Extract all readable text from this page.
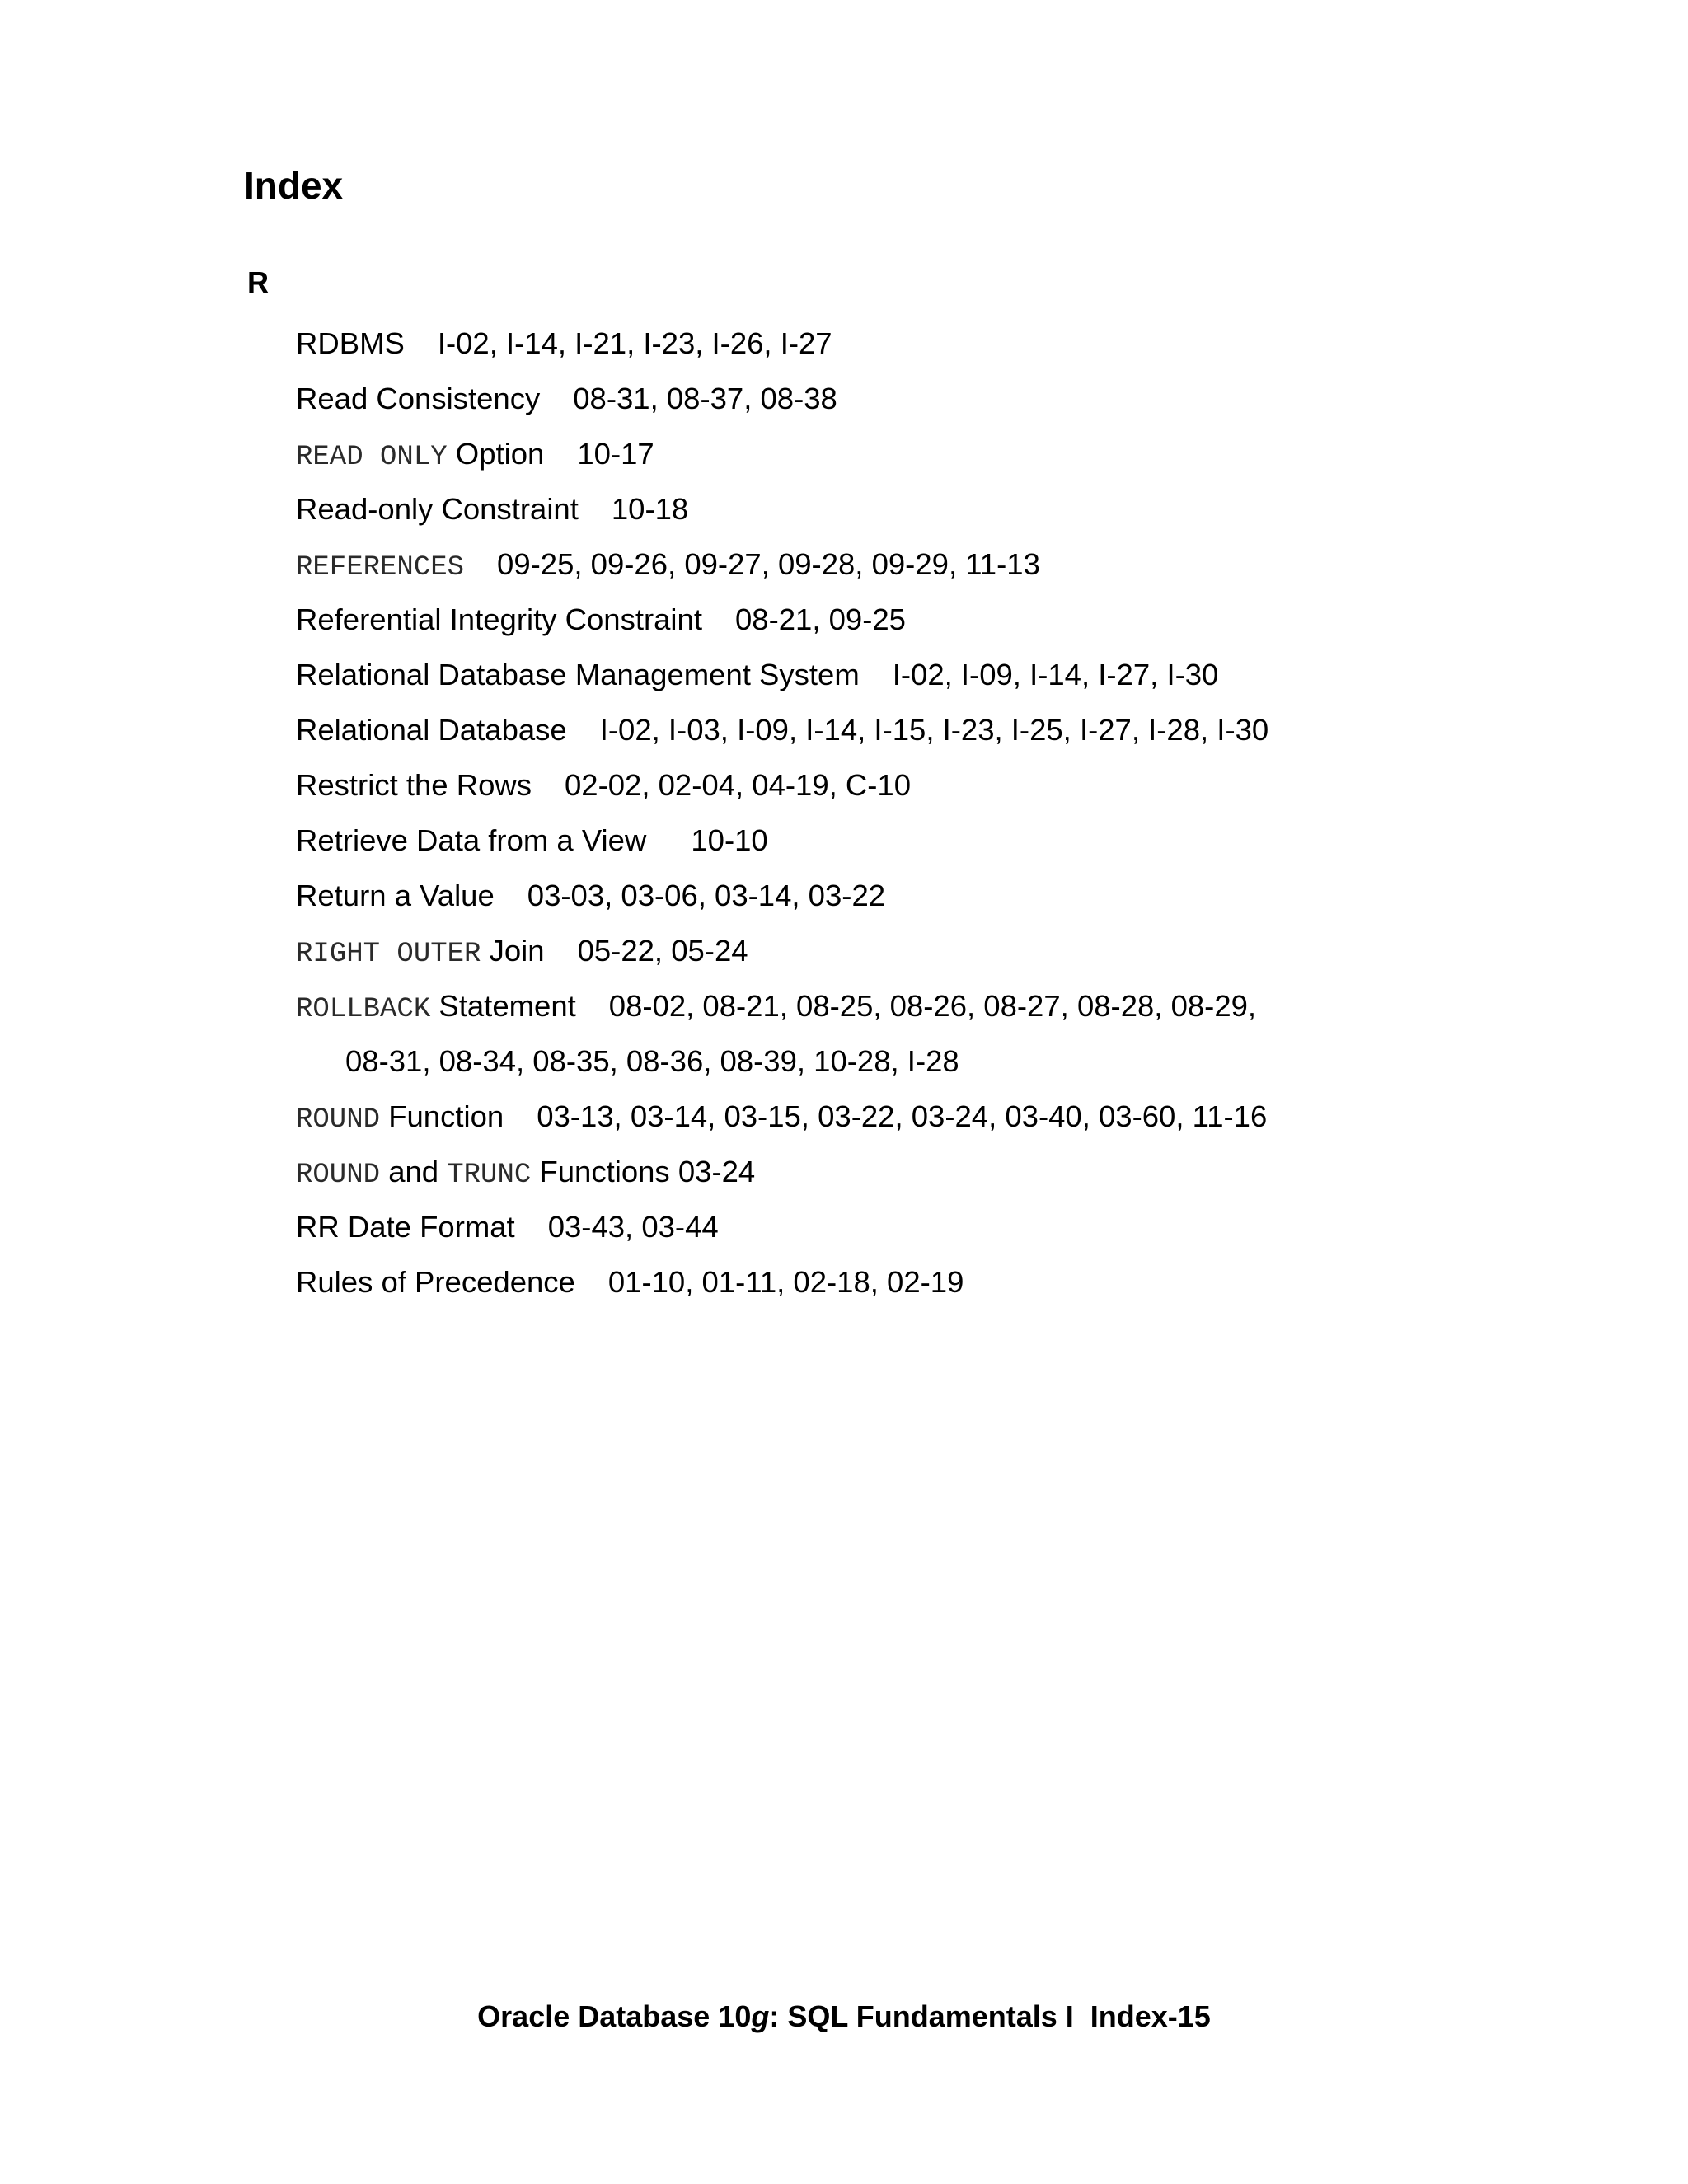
Index
R
RDBMS I-02, I-14, I-21, I-23, I-26, I-27
Read Consistency 08-31, 08-37, 08-38
READ ONLY Option 10-17
Read-only Constraint 10-18
REFERENCES 09-25, 09-26, 09-27, 09-28, 09-29, 11-13
Referential Integrity Constraint 08-21, 09-25
Relational Database Management System I-02, I-09, I-14, I-27, I-30
Relational Database I-02, I-03, I-09, I-14, I-15, I-23, I-25, I-27, I-28, I-30
Restrict the Rows 02-02, 02-04, 04-19, C-10
Retrieve Data from a View 10-10
Return a Value 03-03, 03-06, 03-14, 03-22
RIGHT OUTER Join 05-22, 05-24
ROLLBACK Statement 08-02, 08-21, 08-25, 08-26, 08-27, 08-28, 08-29,
08-31, 08-34, 08-35, 08-36, 08-39, 10-28, I-28
ROUND Function 03-13, 03-14, 03-15, 03-22, 03-24, 03-40, 03-60, 11-16
ROUND and TRUNC Functions 03-24
RR Date Format 03-43, 03-44
Rules of Precedence 01-10, 01-11, 02-18, 02-19
Oracle Database 10g: SQL Fundamentals I  Index-15
